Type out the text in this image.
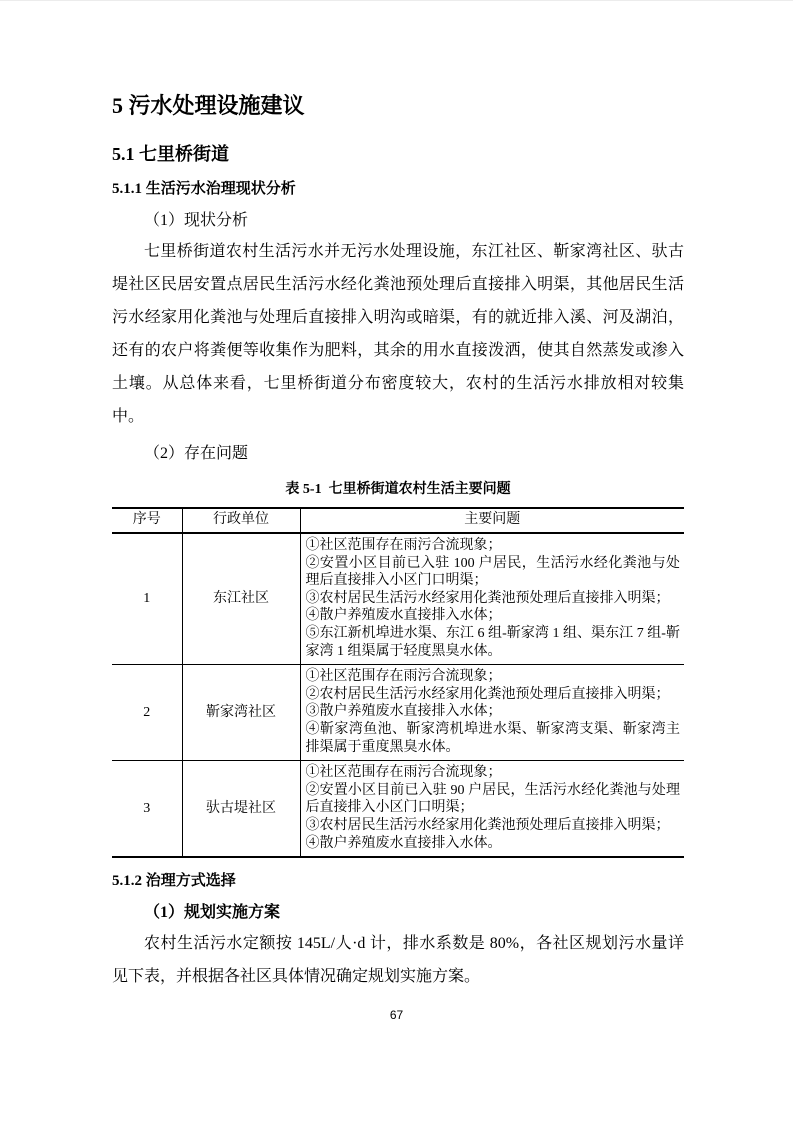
5 污水处理设施建议
5.1 七里桥街道
5.1.1 生活污水治理现状分析
（1）现状分析
七里桥街道农村生活污水并无污水处理设施，东江社区、靳家湾社区、驮古堤社区民居安置点居民生活污水经化粪池预处理后直接排入明渠，其他居民生活污水经家用化粪池与处理后直接排入明沟或暗渠，有的就近排入溪、河及湖泊，还有的农户将粪便等收集作为肥料，其余的用水直接泼洒，使其自然蒸发或渗入土壤。从总体来看，七里桥街道分布密度较大，农村的生活污水排放相对较集中。
（2）存在问题
表 5-1  七里桥街道农村生活主要问题
序号	行政单位	主要问题
1	东江社区	①社区范围存在雨污合流现象；
②安置小区目前已入驻 100 户居民，生活污水经化粪池与处理后直接排入小区门口明渠；
③农村居民生活污水经家用化粪池预处理后直接排入明渠；
④散户养殖废水直接排入水体；
⑤东江新机埠进水渠、东江 6 组-靳家湾 1 组、渠东江 7 组-靳家湾 1 组渠属于轻度黑臭水体。

2	靳家湾社区	①社区范围存在雨污合流现象；
②农村居民生活污水经家用化粪池预处理后直接排入明渠；
③散户养殖废水直接排入水体；
④靳家湾鱼池、靳家湾机埠进水渠、靳家湾支渠、靳家湾主排渠属于重度黑臭水体。

3	驮古堤社区	①社区范围存在雨污合流现象；
②安置小区目前已入驻 90 户居民，生活污水经化粪池与处理后直接排入小区门口明渠；
③农村居民生活污水经家用化粪池预处理后直接排入明渠；
④散户养殖废水直接排入水体。
5.1.2 治理方式选择
（1）规划实施方案
农村生活污水定额按 145L/人·d 计，排水系数是 80%，各社区规划污水量详见下表，并根据各社区具体情况确定规划实施方案。
67
